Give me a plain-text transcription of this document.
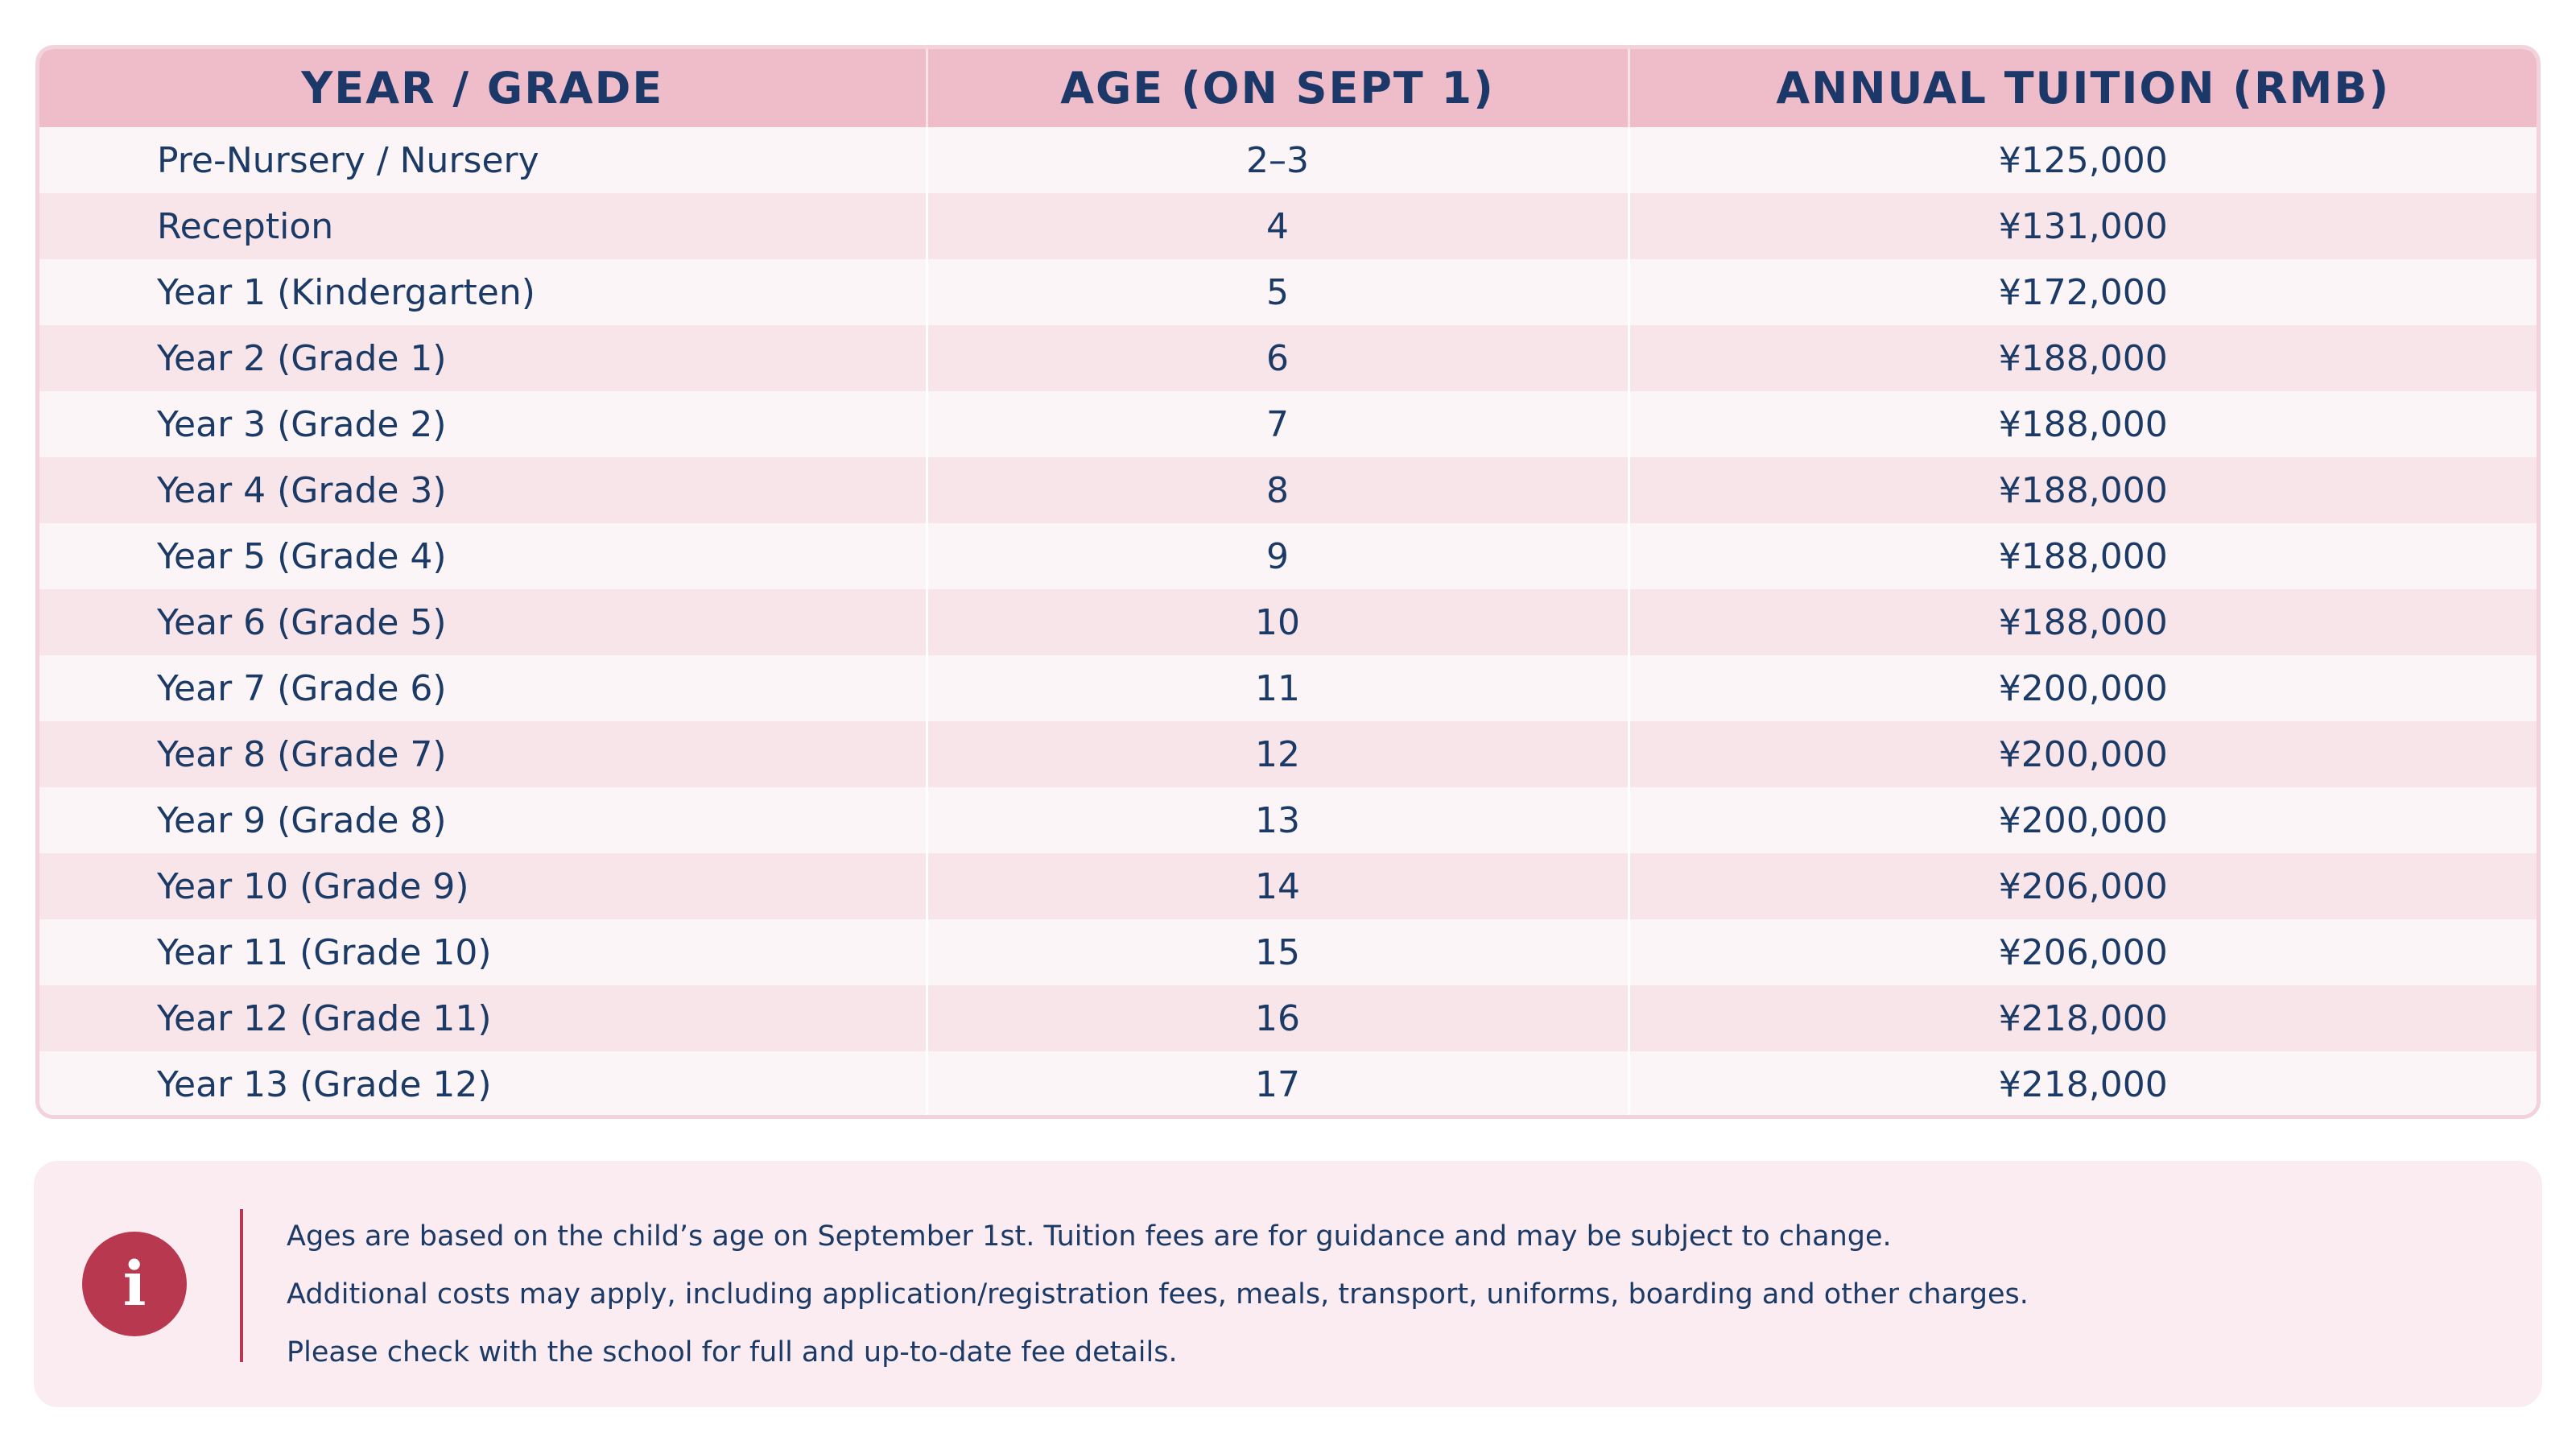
YEAR / GRADE	AGE (ON SEPT 1)	ANNUAL TUITION (RMB)
Pre-Nursery / Nursery	2–3	¥125,000
Reception	4	¥131,000
Year 1 (Kindergarten)	5	¥172,000
Year 2 (Grade 1)	6	¥188,000
Year 3 (Grade 2)	7	¥188,000
Year 4 (Grade 3)	8	¥188,000
Year 5 (Grade 4)	9	¥188,000
Year 6 (Grade 5)	10	¥188,000
Year 7 (Grade 6)	11	¥200,000
Year 8 (Grade 7)	12	¥200,000
Year 9 (Grade 8)	13	¥200,000
Year 10 (Grade 9)	14	¥206,000
Year 11 (Grade 10)	15	¥206,000
Year 12 (Grade 11)	16	¥218,000
Year 13 (Grade 12)	17	¥218,000
i
Ages are based on the child’s age on September 1st. Tuition fees are for guidance and may be subject to change.
Additional costs may apply, including application/registration fees, meals, transport, uniforms, boarding and other charges.
Please check with the school for full and up-to-date fee details.
